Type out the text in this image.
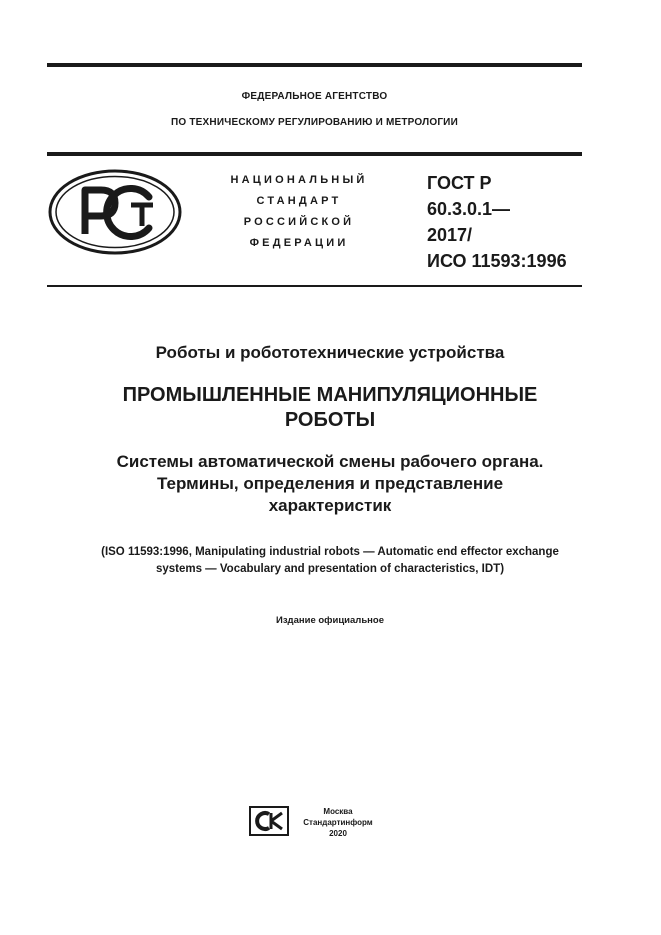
ФЕДЕРАЛЬНОЕ АГЕНТСТВО
ПО ТЕХНИЧЕСКОМУ РЕГУЛИРОВАНИЮ И МЕТРОЛОГИИ
НАЦИОНАЛЬНЫЙ
СТАНДАРТ
РОССИЙСКОЙ
ФЕДЕРАЦИИ
ГОСТ Р
60.3.0.1—
2017/
ИСО 11593:1996
Роботы и робототехнические устройства
ПРОМЫШЛЕННЫЕ МАНИПУЛЯЦИОННЫЕ
РОБОТЫ
Системы автоматической смены рабочего органа.
Термины, определения и представление
характеристик
(ISO 11593:1996, Manipulating industrial robots — Automatic end effector exchange
systems — Vocabulary and presentation of characteristics, IDT)
Издание официальное
Москва
Стандартинформ
2020
